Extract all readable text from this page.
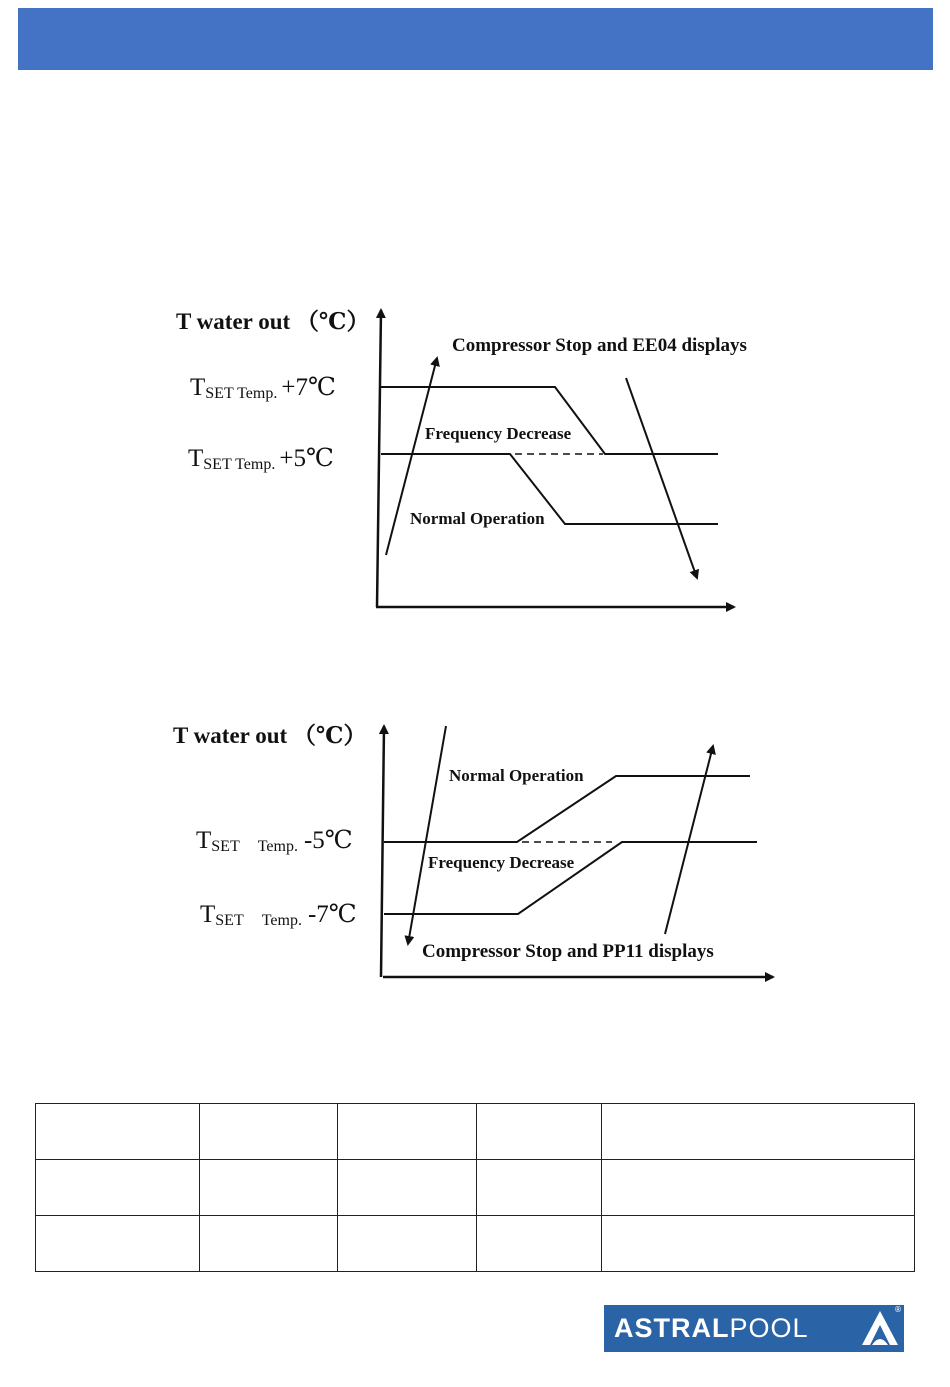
T water out （℃）
TSET Temp. +7℃
TSET Temp. +5℃
Compressor Stop and EE04 displays
Frequency Decrease
Normal Operation
T water out （℃）
TSET Temp. -5℃
TSET Temp. -7℃
Normal Operation
Frequency Decrease
Compressor Stop and PP11 displays

ASTRALPOOL
®
